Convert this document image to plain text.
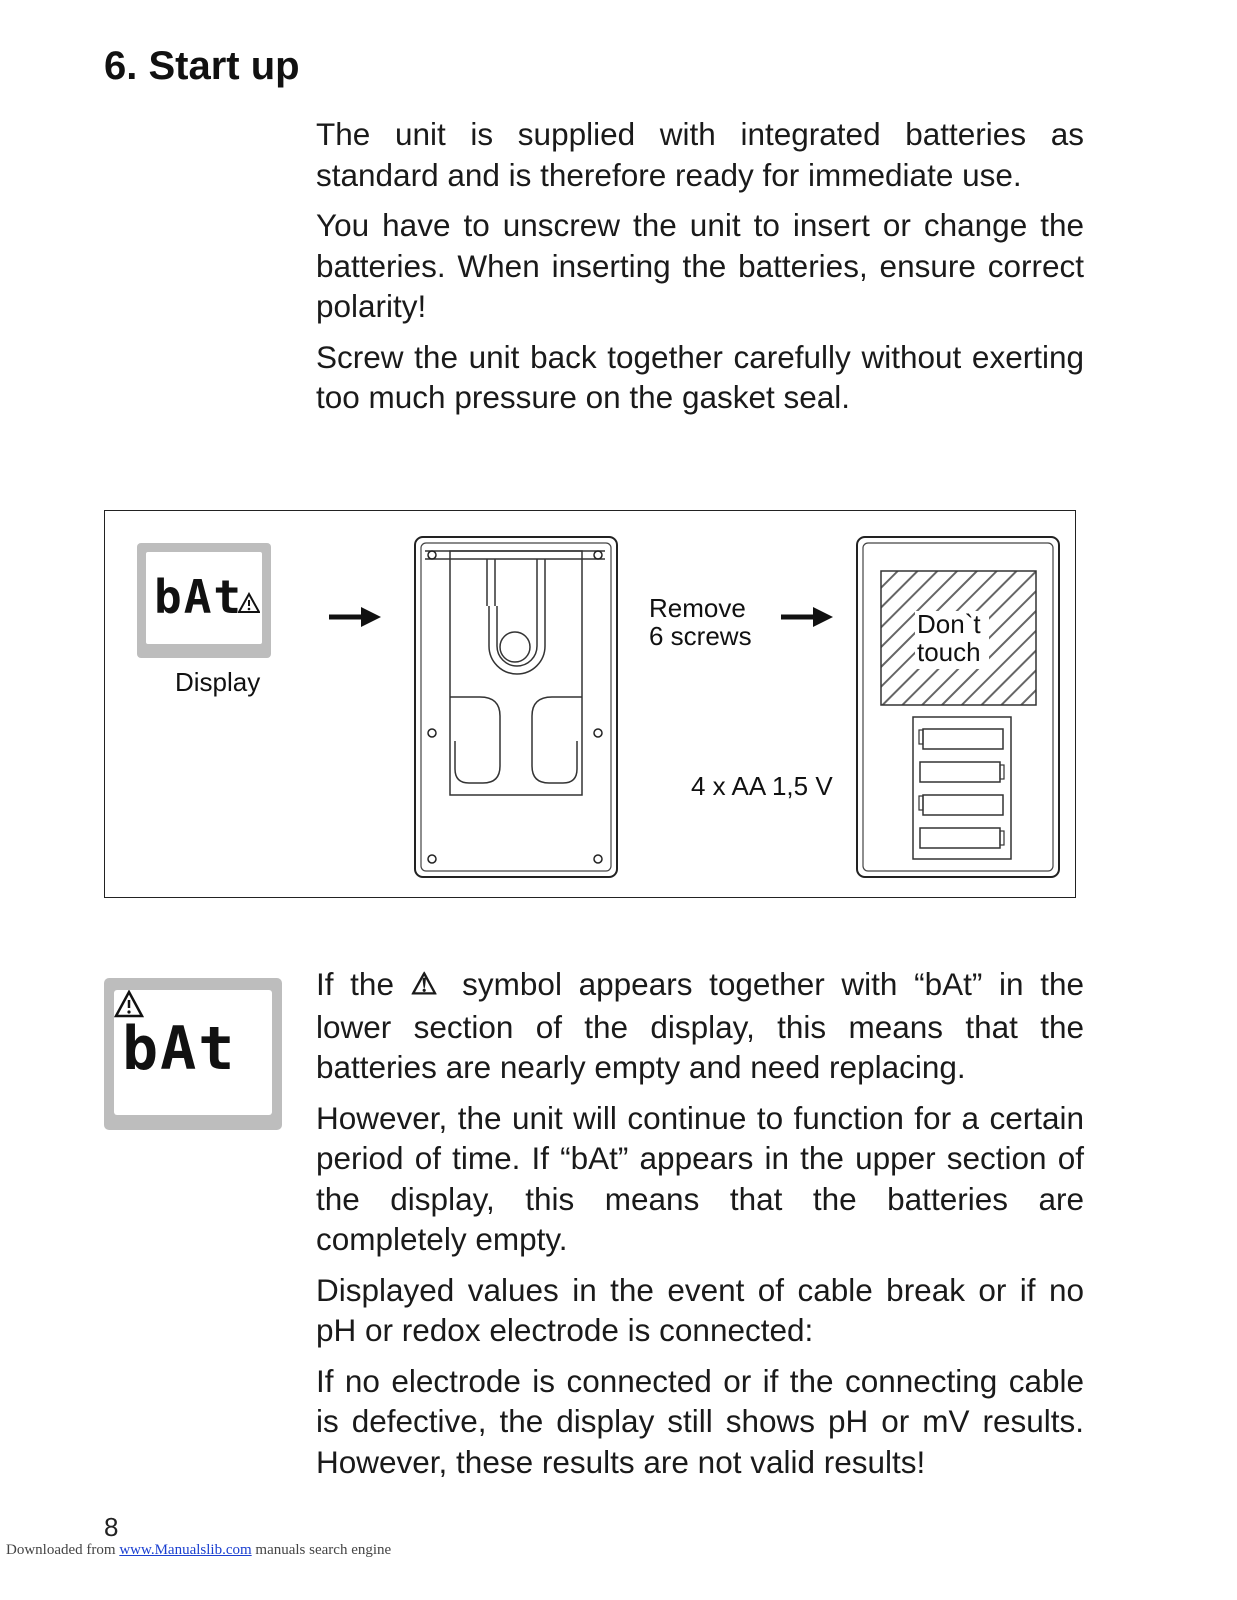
6. Start up

The unit is supplied with integrated batteries as standard and is therefore ready for immediate use.

You have to unscrew the unit to insert or change the batteries. When inserting the batteries, ensure correct polarity!

Screw the unit back together carefully without exerting too much pressure on the gasket seal.

bAt
Display
Remove
6 screws	Don`t
touch
4 x AA 1,5 V
bAt

If the ⚠ symbol appears together with “bAt” in the lower section of the display, this means that the batteries are nearly empty and need replacing.

However, the unit will continue to function for a certain period of time. If “bAt” appears in the upper section of the display, this means that the batteries are completely empty.

Displayed values in the event of cable break or if no pH or redox electrode is connected:

If no electrode is connected or if the connecting cable is defective, the display still shows pH or mV results. However, these results are not valid results!

8
Downloaded from www.Manualslib.com manuals search engine
